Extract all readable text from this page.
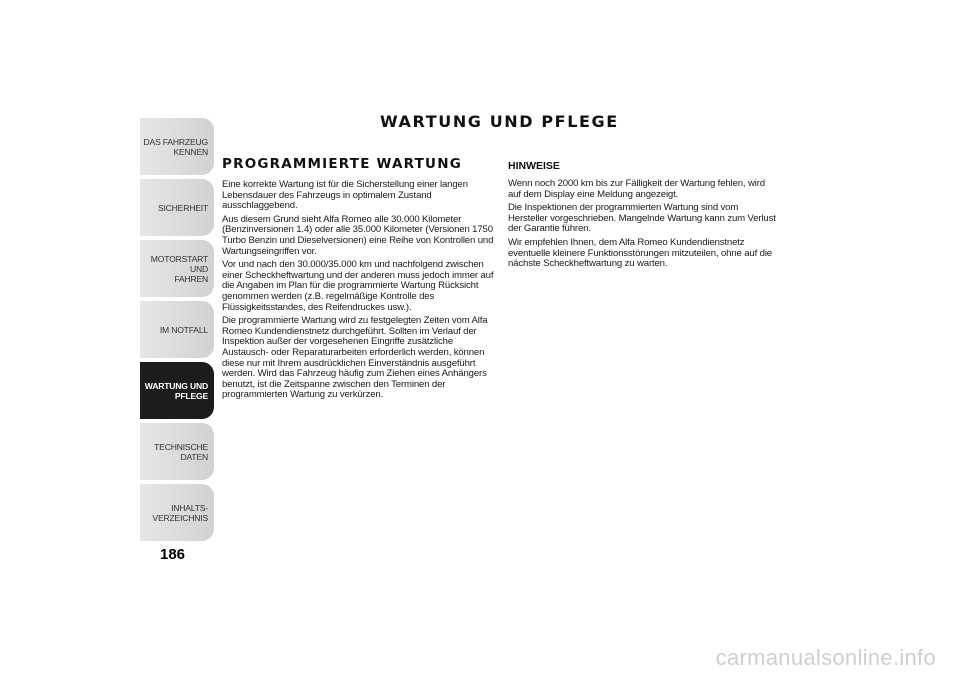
DAS FAHRZEUG
KENNEN
SICHERHEIT
MOTORSTART UND
FAHREN
IM NOTFALL
WARTUNG UND
PFLEGE
TECHNISCHE DATEN
INHALTS-
VERZEICHNIS
186
WARTUNG UND PFLEGE
PROGRAMMIERTE WARTUNG

Eine korrekte Wartung ist für die Sicherstellung einer langen Lebensdauer des Fahrzeugs in optimalem Zustand ausschlaggebend.

Aus diesem Grund sieht Alfa Romeo alle 30.000 Kilometer (Benzinversionen 1.4) oder alle 35.000 Kilometer (Versionen 1750 Turbo Benzin und Dieselversionen) eine Reihe von Kontrollen und Wartungseingriffen vor.

Vor und nach den 30.000/35.000 km und nachfolgend zwischen einer Scheckheftwartung und der anderen muss jedoch immer auf die Angaben im Plan für die programmierte Wartung Rücksicht genommen werden (z.B. regelmäßige Kontrolle des Flüssigkeitsstandes, des Reifendruckes usw.).

Die programmierte Wartung wird zu festgelegten Zeiten vom Alfa Romeo Kundendienstnetz durchgeführt. Sollten im Verlauf der Inspektion außer der vorgesehenen Eingriffe zusätzliche Austausch- oder Reparaturarbeiten erforderlich werden, können diese nur mit Ihrem ausdrücklichen Einverständnis ausgeführt werden. Wird das Fahrzeug häufig zum Ziehen eines Anhängers benutzt, ist die Zeitspanne zwischen den Terminen der programmierten Wartung zu verkürzen.

HINWEISE

Wenn noch 2000 km bis zur Fälligkeit der Wartung fehlen, wird auf dem Display eine Meldung angezeigt.

Die Inspektionen der programmierten Wartung sind vom Hersteller vorgeschrieben. Mangelnde Wartung kann zum Verlust der Garantie führen.

Wir empfehlen Ihnen, dem Alfa Romeo Kundendienstnetz eventuelle kleinere Funktionsstörungen mitzuteilen, ohne auf die nächste Scheckheftwartung zu warten.

carmanualsonline.info
